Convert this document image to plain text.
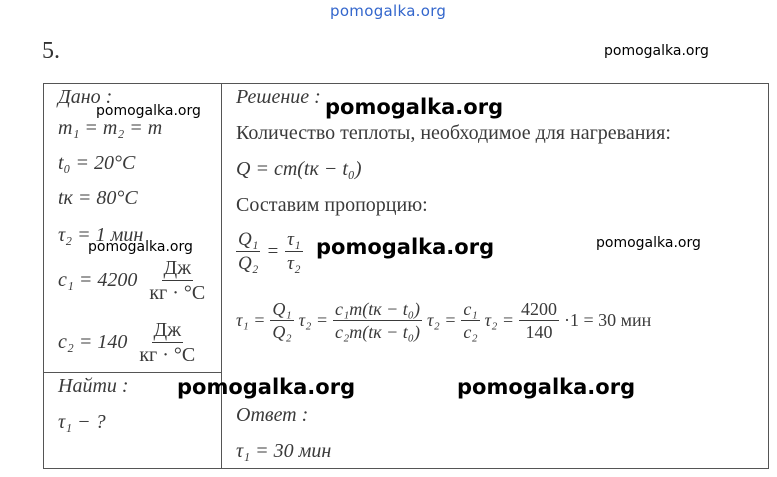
pomogalka.org
5.
Дано :
m₁ = m₂ = m
t₀ = 20°C
tк = 80°C
τ₂ = 1 мин
$c_1 = 4200 \frac{Дж}{кг \cdot ^\circ C}$
$c_2 = 140 \frac{Дж}{кг \cdot ^\circ C}$
Найти :
τ₁ − ?
Решение :
Количество теплоты, необходимое для нагревания:
Q = cm(tк − t₀)
Составим пропорцию:
$\frac{\text{Q₁}}{\text{Q₂}} = \frac{\text{τ₁}}{\text{τ₂}}$
$\tau_1 = \frac{\text{Q₁}}{\text{Q₂}} \tau_2 = \frac{\text{c₁m(tк − t₀)}}{\text{c₂m(tк − t₀)}} \tau_2 = \frac{\text{c₁}}{\text{c₂}} \tau_2 = \frac{4200}{140} \cdot 1 = 30$ мин
Ответ :
τ₁ = 30 мин
pomogalka.org
pomogalka.org	pomogalka.org
pomogalka.org	pomogalka.org	pomogalka.org
pomogalka.org	pomogalka.org
